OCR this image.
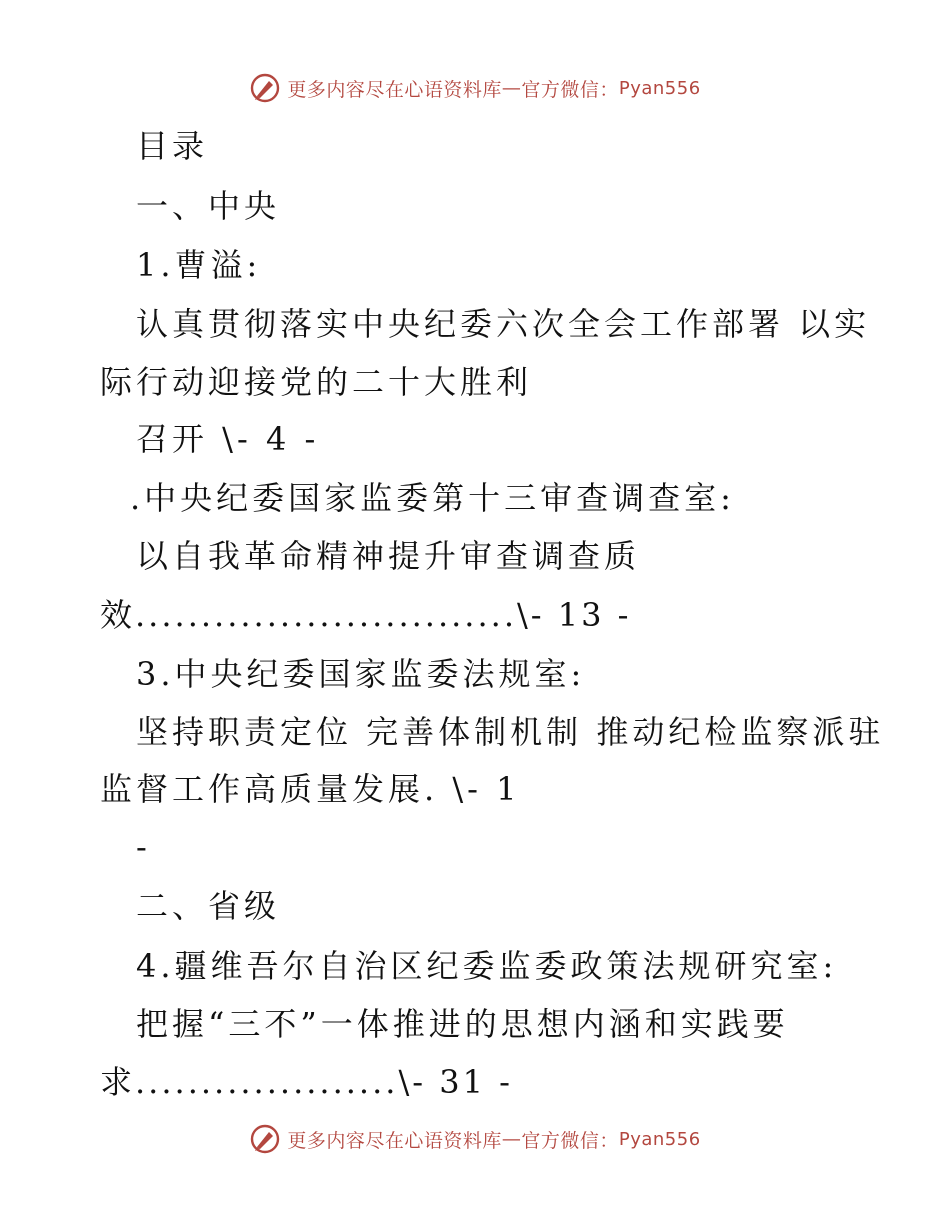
更多内容尽在心语资料库 — 官方微信： Pyan556
目录
一、中央
1.曹溢:
认真贯彻落实中央纪委六次全会工作部署 以实
际行动迎接党的二十大胜利
召开 \- 4 -
.中央纪委国家监委第十三审查调查室:
以自我革命精神提升审查调查质
效.............................\- 13 -
3.中央纪委国家监委法规室:
坚持职责定位 完善体制机制 推动纪检监察派驻
监督工作高质量发展. \- 1
-
二、省级
4.疆维吾尔自治区纪委监委政策法规研究室:
把握“三不”一体推进的思想内涵和实践要
求....................\- 31 -
更多内容尽在心语资料库 — 官方微信： Pyan556
